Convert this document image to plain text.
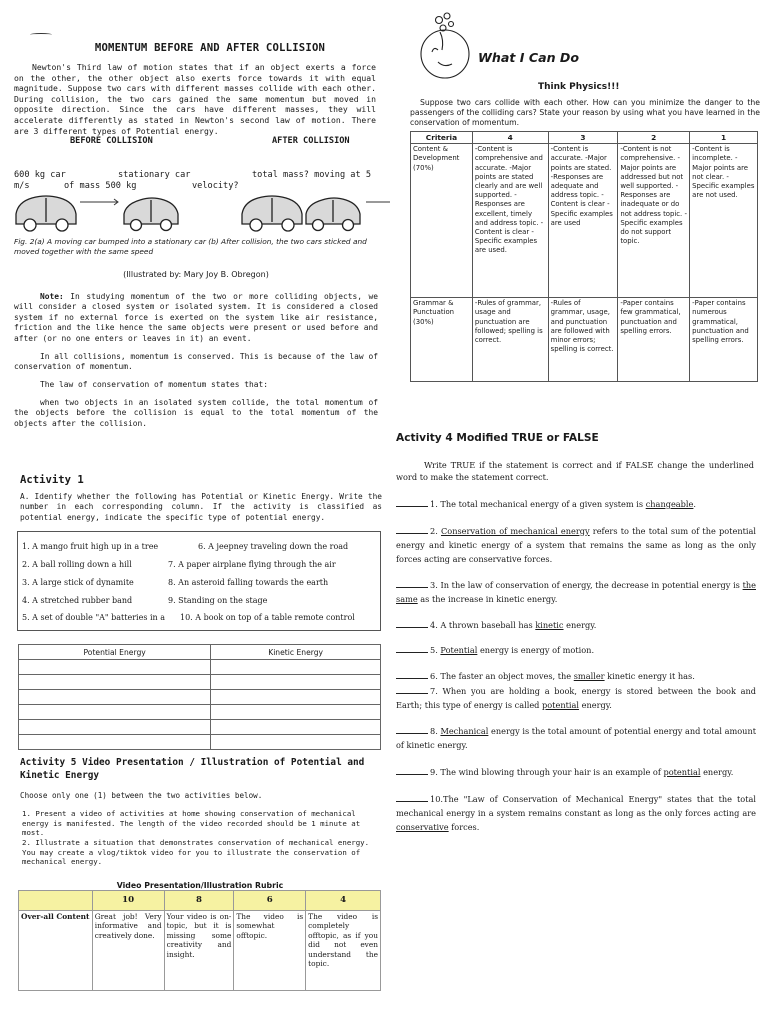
MOMENTUM BEFORE AND AFTER COLLISION
Newton's Third law of motion states that if an object exerts a force on the other, the other object also exerts force towards it with equal magnitude. Suppose two cars with different masses collide with each other. During collision, the two cars gained the same momentum but moved in opposite direction. Since the cars have different masses, they will accelerate differently as stated in Newton's second law of motion. There are 3 different types of Potential energy.
BEFORE COLLISION	AFTER COLLISION
600 kg car
m/s
stationary car
of mass 500 kg	velocity?
total mass? moving at 5
Fig. 2(a) A moving car bumped into a stationary car (b) After collision, the two cars sticked and moved together with the same speed
(Illustrated by: Mary Joy B. Obregon)
Note: In studying momentum of the two or more colliding objects, we will consider a closed system or isolated system. It is considered a closed system if no external force is exerted on the system like air resistance, friction and the like hence the same objects were present or used before and after (or no one enters or leaves in it) an event.
In all collisions, momentum is conserved. This is because of the law of conservation of momentum.
The law of conservation of momentum states that:
when two objects in an isolated system collide, the total momentum of the objects before the collision is equal to the total momentum of the objects after the collision.
Activity 1
A. Identify whether the following has Potential or Kinetic Energy. Write the number in each corresponding column. If the activity is classified as potential energy, indicate the specific type of potential energy.
1. A mango fruit high up in a tree
2. A ball rolling down a hill
3. A large stick of dynamite
4. A stretched rubber band
5. A set of double "A" batteries in a
6. A jeepney traveling down the road
7. A paper airplane flying through the air
8. An asteroid falling towards the earth
9. Standing on the stage
10. A book on top of a table remote control
Potential Energy	Kinetic Energy

Activity 5 Video Presentation / Illustration of Potential and Kinetic Energy
Choose only one (1) between the two activities below.
1. Present a video of activities at home showing conservation of mechanical energy is manifested. The length of the video recorded should be 1 minute at most.
2. Illustrate a situation that demonstrates conservation of mechanical energy. You may create a vlog/tiktok video for you to illustrate the conservation of mechanical energy.
Video Presentation/Illustration Rubric
	10	8	6	4
Over-all Content	Great job! Very informative and creatively done.	Your video is on-topic, but it is missing some creativity and insight.	The video is somewhat offtopic.	The video is completely offtopic, as if you did not even understand the topic.
What I Can Do
Think Physics!!!
Suppose two cars collide with each other. How can you minimize the danger to the passengers of the colliding cars? State your reason by using what you have learned in the conservation of momentum.
Criteria	4	3	2	1
Content & Development (70%)	-Content is comprehensive and accurate. -Major points are stated clearly and are well supported. -Responses are excellent, timely and address topic. - Content is clear -Specific examples are used.	-Content is accurate. -Major points are stated. -Responses are adequate and address topic. -Content is clear -Specific examples are used	-Content is not comprehensive. -Major points are addressed but not well supported. -Responses are inadequate or do not address topic. -Specific examples do not support topic.	-Content is incomplete. -Major points are not clear. -Specific examples are not used.
Grammar & Punctuation (30%)	-Rules of grammar, usage and punctuation are followed; spelling is correct.	-Rules of grammar, usage, and punctuation are followed with minor errors; spelling is correct.	-Paper contains few grammatical, punctuation and spelling errors.	-Paper contains numerous grammatical, punctuation and spelling errors.
Activity 4 Modified TRUE or FALSE
Write TRUE if the statement is correct and if FALSE change the underlined word to make the statement correct.
1. The total mechanical energy of a given system is changeable.
2. Conservation of mechanical energy refers to the total sum of the potential energy and kinetic energy of a system that remains the same as long as the only forces acting are conservative forces.
3. In the law of conservation of energy, the decrease in potential energy is the same as the increase in kinetic energy.
4. A thrown baseball has kinetic energy.
5. Potential energy is energy of motion.
6. The faster an object moves, the smaller kinetic energy it has.
7. When you are holding a book, energy is stored between the book and Earth; this type of energy is called potential energy.
8. Mechanical energy is the total amount of potential energy and total amount of kinetic energy.
9. The wind blowing through your hair is an example of potential energy.
10.The "Law of Conservation of Mechanical Energy" states that the total mechanical energy in a system remains constant as long as the only forces acting are conservative forces.
